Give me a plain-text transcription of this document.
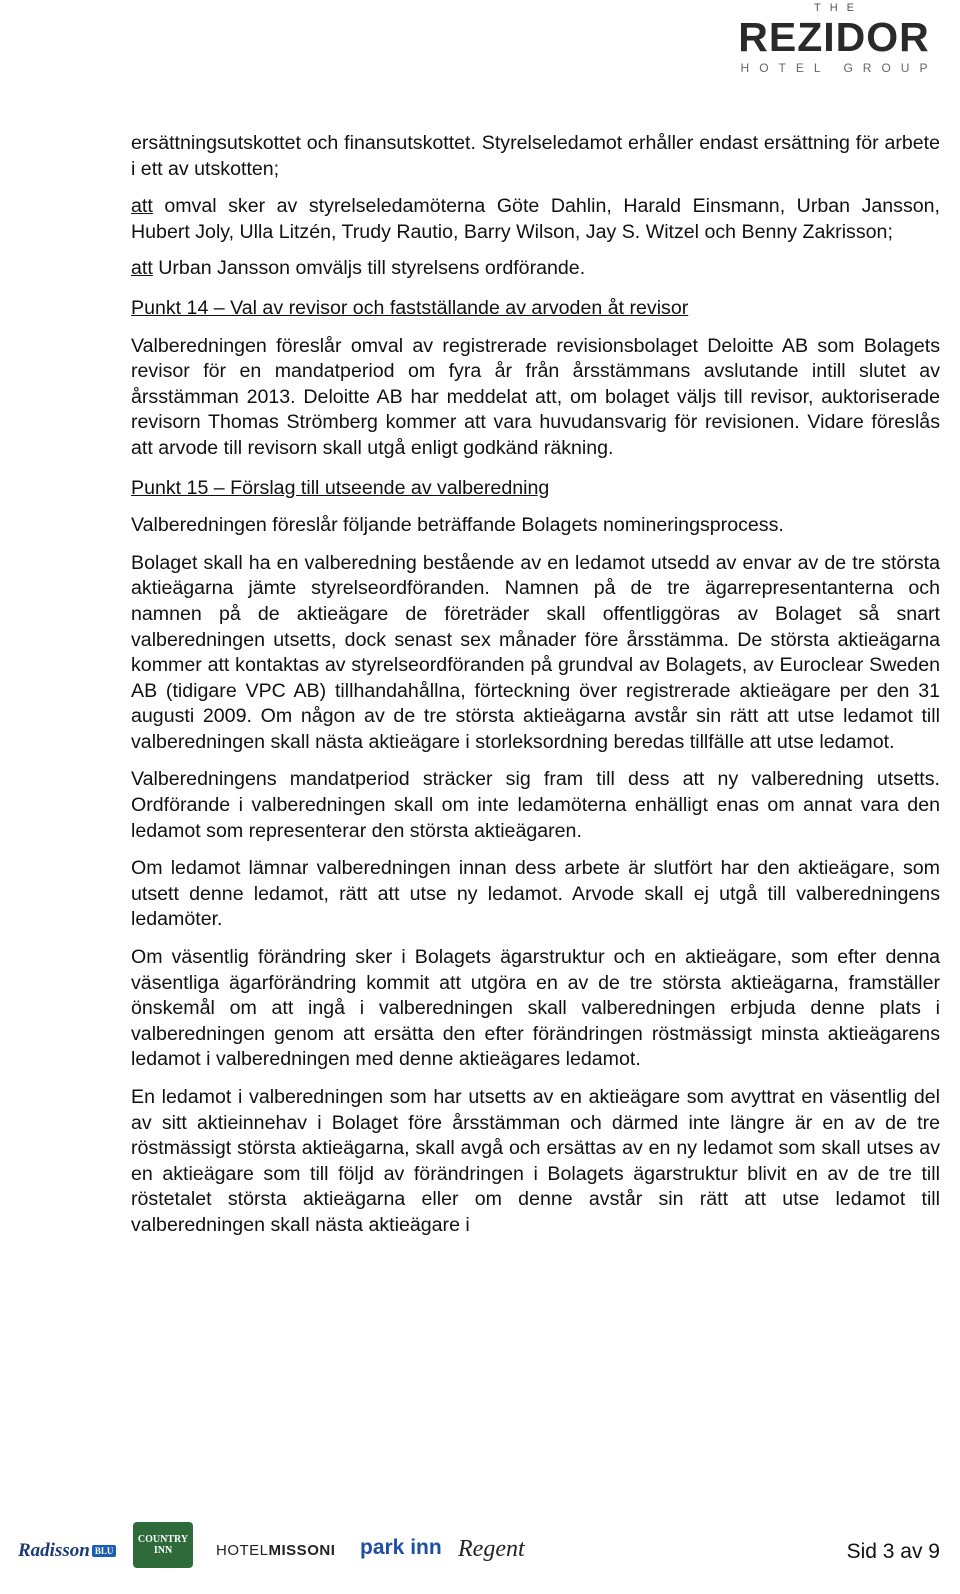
THE
REZIDOR
HOTEL GROUP

ersättningsutskottet och finansutskottet. Styrelseledamot erhåller endast ersättning för arbete i ett av utskotten;

att omval sker av styrelseledamöterna Göte Dahlin, Harald Einsmann, Urban Jansson, Hubert Joly, Ulla Litzén, Trudy Rautio, Barry Wilson, Jay S. Witzel och Benny Zakrisson;

att Urban Jansson omväljs till styrelsens ordförande.

Punkt 14 – Val av revisor och fastställande av arvoden åt revisor

Valberedningen föreslår omval av registrerade revisionsbolaget Deloitte AB som Bolagets revisor för en mandatperiod om fyra år från årsstämmans avslutande intill slutet av årsstämman 2013. Deloitte AB har meddelat att, om bolaget väljs till revisor, auktoriserade revisorn Thomas Strömberg kommer att vara huvudansvarig för revisionen. Vidare föreslås att arvode till revisorn skall utgå enligt godkänd räkning.

Punkt 15 – Förslag till utseende av valberedning

Valberedningen föreslår följande beträffande Bolagets nomineringsprocess.

Bolaget skall ha en valberedning bestående av en ledamot utsedd av envar av de tre största aktieägarna jämte styrelseordföranden. Namnen på de tre ägarrepresentanterna och namnen på de aktieägare de företräder skall offentliggöras av Bolaget så snart valberedningen utsetts, dock senast sex månader före årsstämma. De största aktieägarna kommer att kontaktas av styrelseordföranden på grundval av Bolagets, av Euroclear Sweden AB (tidigare VPC AB) tillhandahållna, förteckning över registrerade aktieägare per den 31 augusti 2009. Om någon av de tre största aktieägarna avstår sin rätt att utse ledamot till valberedningen skall nästa aktieägare i storleksordning beredas tillfälle att utse ledamot.

Valberedningens mandatperiod sträcker sig fram till dess att ny valberedning utsetts. Ordförande i valberedningen skall om inte ledamöterna enhälligt enas om annat vara den ledamot som representerar den största aktieägaren.

Om ledamot lämnar valberedningen innan dess arbete är slutfört har den aktieägare, som utsett denne ledamot, rätt att utse ny ledamot. Arvode skall ej utgå till valberedningens ledamöter.

Om väsentlig förändring sker i Bolagets ägarstruktur och en aktieägare, som efter denna väsentliga ägarförändring kommit att utgöra en av de tre största aktieägarna, framställer önskemål om att ingå i valberedningen skall valberedningen erbjuda denne plats i valberedningen genom att ersätta den efter förändringen röstmässigt minsta aktieägarens ledamot i valberedningen med denne aktieägares ledamot.

En ledamot i valberedningen som har utsetts av en aktieägare som avyttrat en väsentlig del av sitt aktieinnehav i Bolaget före årsstämman och därmed inte längre är en av de tre röstmässigt största aktieägarna, skall avgå och ersättas av en ny ledamot som skall utses av en aktieägare som till följd av förändringen i Bolagets ägarstruktur blivit en av de tre till röstetalet största aktieägarna eller om denne avstår sin rätt att utse ledamot till valberedningen skall nästa aktieägare i

Radisson BLU
COUNTRY
INN	HOTEL MISSONI park inn Regent	Sid 3 av 9
